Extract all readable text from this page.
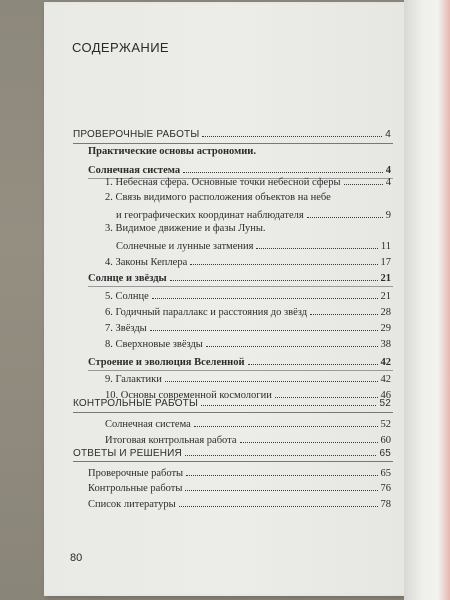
СОДЕРЖАНИЕ
ПРОВЕРОЧНЫЕ РАБОТЫ	4
Практические основы астрономии.
Солнечная система	4
1. Небесная сфера. Основные точки небесной сферы	4
2. Связь видимого расположения объектов на небе
и географических координат наблюдателя	9
3. Видимое движение и фазы Луны.
Солнечные и лунные затмения	11
4. Законы Кеплера	17
Солнце и звёзды	21
5. Солнце	21
6. Годичный параллакс и расстояния до звёзд	28
7. Звёзды	29
8. Сверхновые звёзды	38
Строение и эволюция Вселенной	42
9. Галактики	42
10. Основы современной космологии	46
КОНТРОЛЬНЫЕ РАБОТЫ	52
Солнечная система	52
Итоговая контрольная работа	60
ОТВЕТЫ И РЕШЕНИЯ	65
Проверочные работы	65
Контрольные работы	76
Список литературы	78
80
